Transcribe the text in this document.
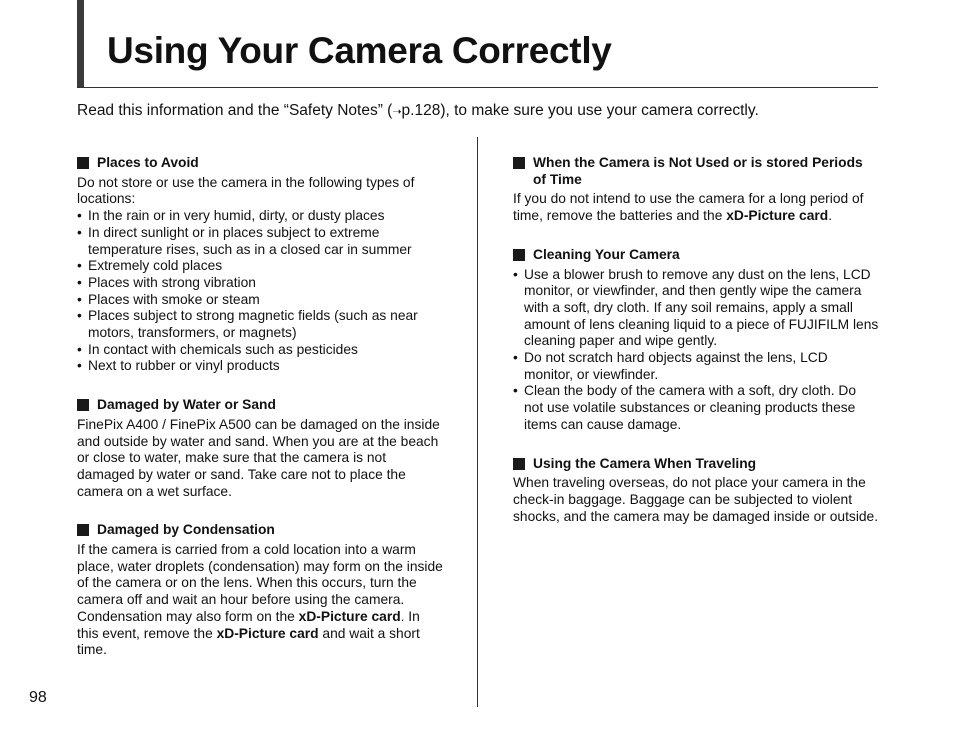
Using Your Camera Correctly

Read this information and the “Safety Notes” (➝p.128), to make sure you use your camera correctly.

Places to Avoid

Do not store or use the camera in the following types of locations:

• In the rain or in very humid, dirty, or dusty places
• In direct sunlight or in places subject to extreme temperature rises, such as in a closed car in summer
• Extremely cold places
• Places with strong vibration
• Places with smoke or steam
• Places subject to strong magnetic fields (such as near motors, transformers, or magnets)
• In contact with chemicals such as pesticides
• Next to rubber or vinyl products
Damaged by Water or Sand

FinePix A400 / FinePix A500 can be damaged on the inside and outside by water and sand. When you are at the beach or close to water, make sure that the camera is not damaged by water or sand. Take care not to place the camera on a wet surface.

Damaged by Condensation

If the camera is carried from a cold location into a warm place, water droplets (condensation) may form on the inside of the camera or on the lens. When this occurs, turn the camera off and wait an hour before using the camera. Condensation may also form on the xD-Picture card. In this event, remove the xD-Picture card and wait a short time.

When the Camera is Not Used or is stored Periods of Time

If you do not intend to use the camera for a long period of time, remove the batteries and the xD-Picture card.

Cleaning Your Camera
• Use a blower brush to remove any dust on the lens, LCD monitor, or viewfinder, and then gently wipe the camera with a soft, dry cloth. If any soil remains, apply a small amount of lens cleaning liquid to a piece of FUJIFILM lens cleaning paper and wipe gently.
• Do not scratch hard objects against the lens, LCD monitor, or viewfinder.
• Clean the body of the camera with a soft, dry cloth. Do not use volatile substances or cleaning products these items can cause damage.
Using the Camera When Traveling

When traveling overseas, do not place your camera in the check-in baggage. Baggage can be subjected to violent shocks, and the camera may be damaged inside or outside.

98
